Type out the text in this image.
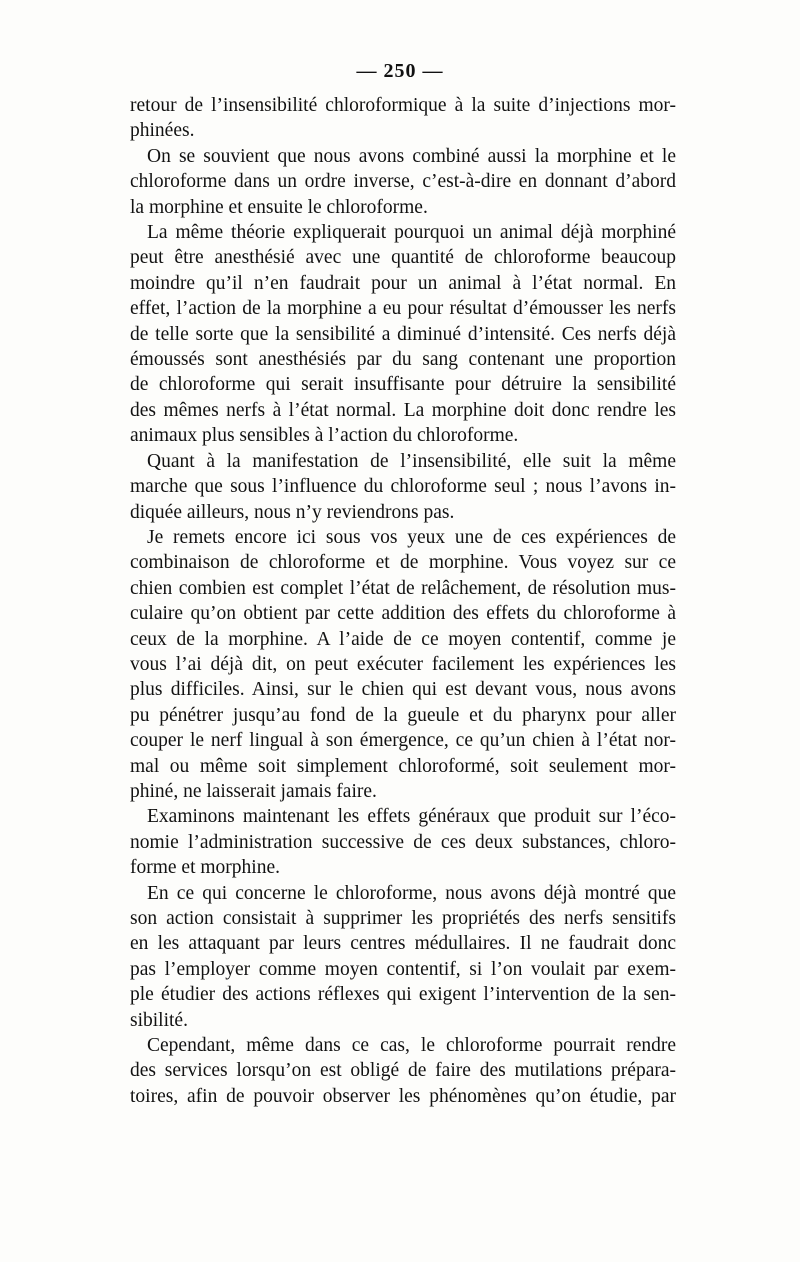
— 250 —

retour de l’insensibilité chloroformique à la suite d’injections mor-

phinées.

On se souvient que nous avons combiné aussi la morphine et le

chloroforme dans un ordre inverse, c’est-à-dire en donnant d’abord

la morphine et ensuite le chloroforme.

La même théorie expliquerait pourquoi un animal déjà morphiné

peut être anesthésié avec une quantité de chloroforme beaucoup

moindre qu’il n’en faudrait pour un animal à l’état normal. En

effet, l’action de la morphine a eu pour résultat d’émousser les nerfs

de telle sorte que la sensibilité a diminué d’intensité. Ces nerfs déjà

émoussés sont anesthésiés par du sang contenant une proportion

de chloroforme qui serait insuffisante pour détruire la sensibilité

des mêmes nerfs à l’état normal. La morphine doit donc rendre les

animaux plus sensibles à l’action du chloroforme.

Quant à la manifestation de l’insensibilité, elle suit la même

marche que sous l’influence du chloroforme seul ; nous l’avons in-

diquée ailleurs, nous n’y reviendrons pas.

Je remets encore ici sous vos yeux une de ces expériences de

combinaison de chloroforme et de morphine. Vous voyez sur ce

chien combien est complet l’état de relâchement, de résolution mus-

culaire qu’on obtient par cette addition des effets du chloroforme à

ceux de la morphine. A l’aide de ce moyen contentif, comme je

vous l’ai déjà dit, on peut exécuter facilement les expériences les

plus difficiles. Ainsi, sur le chien qui est devant vous, nous avons

pu pénétrer jusqu’au fond de la gueule et du pharynx pour aller

couper le nerf lingual à son émergence, ce qu’un chien à l’état nor-

mal ou même soit simplement chloroformé, soit seulement mor-

phiné, ne laisserait jamais faire.

Examinons maintenant les effets généraux que produit sur l’éco-

nomie l’administration successive de ces deux substances, chloro-

forme et morphine.

En ce qui concerne le chloroforme, nous avons déjà montré que

son action consistait à supprimer les propriétés des nerfs sensitifs

en les attaquant par leurs centres médullaires. Il ne faudrait donc

pas l’employer comme moyen contentif, si l’on voulait par exem-

ple étudier des actions réflexes qui exigent l’intervention de la sen-

sibilité.

Cependant, même dans ce cas, le chloroforme pourrait rendre

des services lorsqu’on est obligé de faire des mutilations prépara-

toires, afin de pouvoir observer les phénomènes qu’on étudie, par
